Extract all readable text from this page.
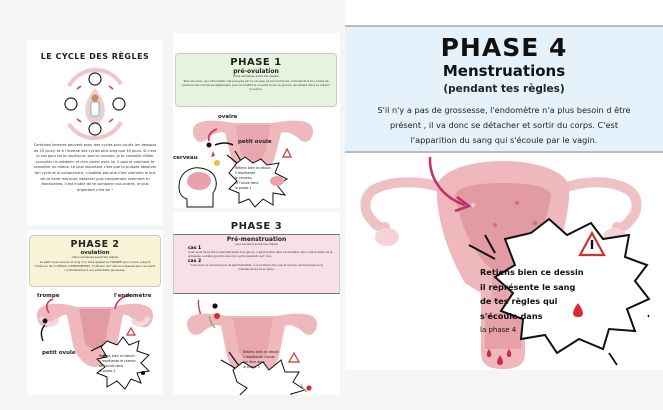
LE CYCLE DES RÈGLES
Certaines femmes peuvent avoir des cycles plus courts (en dessous de 25 jours) et à l'inverse des cycles plus long que 35 jours. Si c'est le cas pour toi ou quelqu'un que tu connais, je te conseille d'aller consulter un médecin et d'en parler avec lui. Il pourra vraiment te conseiller au mieux. Le plus important c'est que tu puisses observer ton cycle et le comprendre, n'oublies pas que c'est vraiment le but de ce livret mensuel, observer puis comprendre comment tu fonctionnes. Il est inutile de te comparer aux autres, le plus important c'est toi !
PHASE 2
ovulation
(deux semaines avant tes règles)
Le petit ovule avance le long d'un tube appelé LA TROMPE pour arriver jusqu'à l'intérieur de L'UTÉRUS (L'ENDOMÈTRE), l'intérieur de l'utérus s'épaissit pour accueillir confortablement une potentielle grossesse.
trompe	l'endomètre
petit ovule	Retiens bien ce dessin
il représente le chemin
de l'ovule dans
la phase 2
PHASE 1
pré-ovulation
(trois semaines avant tes règles)
Tous les mois, une information est envoyée par le cerveau et ses hormones. Il demande à ton ovaire de produire des hormones également, pour permettre à un petit ovule de grandir, se situant dans sa maison (l'ovaire).
ovaire
petit ovule
cerveau
Retiens bien ce dessin
il représente
le cerveau
et l'ovule dans
la phase 1
PHASE 3
Pré-menstruation
(une semaine avant tes règles)
cas 1
Il est ovule rencontre le spermatozoïde d'un garçon. Il peut se fixer dans l'endomètre, alors c'est le début de la grossesse. Le bébé grandira dans ton ventre pendant neuf mois.
cas 2
Il est ovule ne rencontre pas de spermatozoïde, il ne se fixera donc pas et mourra, les hormones ne le maintiennent plus en place.
Retiens bien ce dessin
il représente l'ovule
qui fâne dans
la phase 3
PHASE 4
Menstruations
(pendant tes règles)
S'il n'y a pas de grossesse, l'endomètre n'a plus besoin d être
présent , il va donc se détacher et sortir du corps. C'est
l'apparition du sang qui s'écoule par le vagin.
Retiens bien ce dessin
il représente le sang
de tes règles qui
s'écoule dans
la phase 4
